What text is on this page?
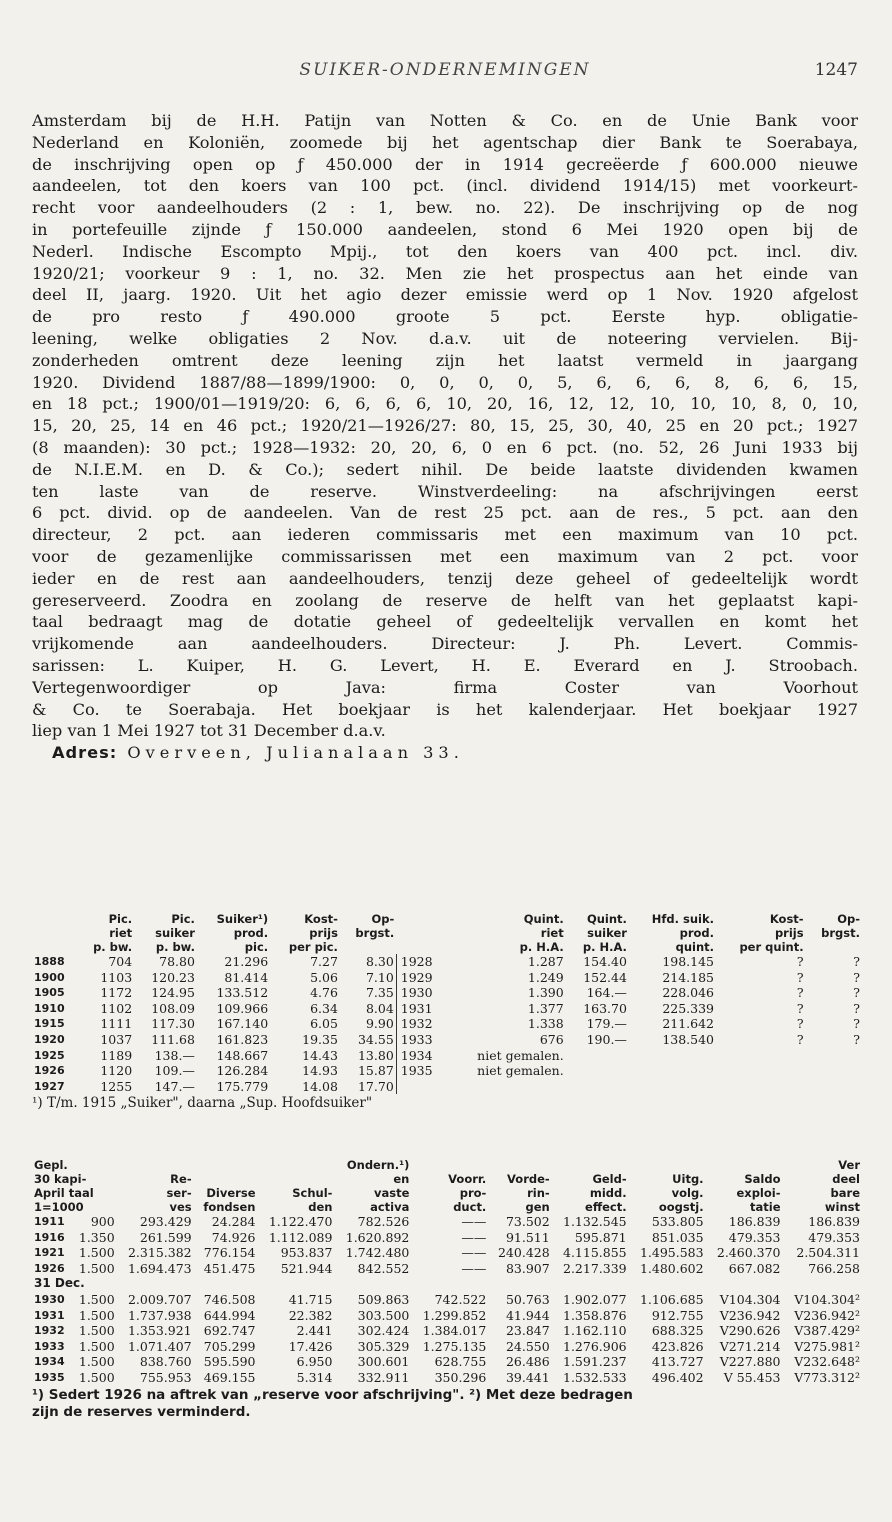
SUIKER-ONDERNEMINGEN	1247
Amsterdam bij de H.H. Patijn van Notten & Co. en de Unie Bank voor
Nederland en Koloniën, zoomede bij het agentschap dier Bank te Soerabaya,
de inschrijving open op ƒ 450.000 der in 1914 gecreëerde ƒ 600.000 nieuwe
aandeelen, tot den koers van 100 pct. (incl. dividend 1914/15) met voorkeurt-
recht voor aandeelhouders (2 : 1, bew. no. 22). De inschrijving op de nog
in portefeuille zijnde ƒ 150.000 aandeelen, stond 6 Mei 1920 open bij de
Nederl. Indische Escompto Mpij., tot den koers van 400 pct. incl. div.
1920/21; voorkeur 9 : 1, no. 32. Men zie het prospectus aan het einde van
deel II, jaarg. 1920. Uit het agio dezer emissie werd op 1 Nov. 1920 afgelost
de pro resto ƒ 490.000 groote 5 pct. Eerste hyp. obligatie-
leening, welke obligaties 2 Nov. d.a.v. uit de noteering vervielen. Bij-
zonderheden omtrent deze leening zijn het laatst vermeld in jaargang
1920. Dividend 1887/88—1899/1900: 0, 0, 0, 0, 5, 6, 6, 6, 8, 6, 6, 15,
en 18 pct.; 1900/01—1919/20: 6, 6, 6, 6, 10, 20, 16, 12, 12, 10, 10, 10, 8, 0, 10,
15, 20, 25, 14 en 46 pct.; 1920/21—1926/27: 80, 15, 25, 30, 40, 25 en 20 pct.; 1927
(8 maanden): 30 pct.; 1928—1932: 20, 20, 6, 0 en 6 pct. (no. 52, 26 Juni 1933 bij
de N.I.E.M. en D. & Co.); sedert nihil. De beide laatste dividenden kwamen
ten laste van de reserve. Winstverdeeling: na afschrijvingen eerst
6 pct. divid. op de aandeelen. Van de rest 25 pct. aan de res., 5 pct. aan den
directeur, 2 pct. aan iederen commissaris met een maximum van 10 pct.
voor de gezamenlijke commissarissen met een maximum van 2 pct. voor
ieder en de rest aan aandeelhouders, tenzij deze geheel of gedeeltelijk wordt
gereserveerd. Zoodra en zoolang de reserve de helft van het geplaatst kapi-
taal bedraagt mag de dotatie geheel of gedeeltelijk vervallen en komt het
vrijkomende aan aandeelhouders. Directeur: J. Ph. Levert. Commis-
sarissen: L. Kuiper, H. G. Levert, H. E. Everard en J. Stroobach.
Vertegenwoordiger op Java: firma Coster van Voorhout
& Co. te Soerabaja. Het boekjaar is het kalenderjaar. Het boekjaar 1927
liep van 1 Mei 1927 tot 31 December d.a.v.
Adres: Overveen, Julianalaan 33.
	Pic.	Pic.	Suiker¹)	Kost-	Op-		Quint.	Quint.	Hfd. suik.	Kost-	Op-
	riet	suiker	prod.	prijs	brgst.		riet	suiker	prod.	prijs	brgst.
	p. bw.	p. bw.	pic.	per pic.			p. H.A.	p. H.A.	quint.	per quint.	
1888	704	78.80	21.296	7.27	8.30	1928	1.287	154.40	198.145	?	?
1900	1103	120.23	81.414	5.06	7.10	1929	1.249	152.44	214.185	?	?
1905	1172	124.95	133.512	4.76	7.35	1930	1.390	164.—	228.046	?	?
1910	1102	108.09	109.966	6.34	8.04	1931	1.377	163.70	225.339	?	?
1915	1111	117.30	167.140	6.05	9.90	1932	1.338	179.—	211.642	?	?
1920	1037	111.68	161.823	19.35	34.55	1933	676	190.—	138.540	?	?
1925	1189	138.—	148.667	14.43	13.80	1934	niet gemalen.				
1926	1120	109.—	126.284	14.93	15.87	1935	niet gemalen.				
1927	1255	147.—	175.779	14.08	17.70						
¹) T/m. 1915 „Suiker", daarna „Sup. Hoofdsuiker"
Gepl.					Ondern.¹)						Ver
30 kapi-		Re-			en	Voorr.	Vorde-	Geld-	Uitg.	Saldo	deel
April taal		ser-	Diverse	Schul-	vaste	pro-	rin-	midd.	volg.	exploi-	bare
1=1000		ves	fondsen	den	activa	duct.	gen	effect.	oogstj.	tatie	winst
1911	900	293.429	24.284	1.122.470	782.526	——	73.502	1.132.545	533.805	186.839	186.839
1916	1.350	261.599	74.926	1.112.089	1.620.892	——	91.511	595.871	851.035	479.353	479.353
1921	1.500	2.315.382	776.154	953.837	1.742.480	——	240.428	4.115.855	1.495.583	2.460.370	2.504.311
1926	1.500	1.694.473	451.475	521.944	842.552	——	83.907	2.217.339	1.480.602	667.082	766.258
31 Dec.											
1930	1.500	2.009.707	746.508	41.715	509.863	742.522	50.763	1.902.077	1.106.685	V104.304	V104.304²
1931	1.500	1.737.938	644.994	22.382	303.500	1.299.852	41.944	1.358.876	912.755	V236.942	V236.942²
1932	1.500	1.353.921	692.747	2.441	302.424	1.384.017	23.847	1.162.110	688.325	V290.626	V387.429²
1933	1.500	1.071.407	705.299	17.426	305.329	1.275.135	24.550	1.276.906	423.826	V271.214	V275.981²
1934	1.500	838.760	595.590	6.950	300.601	628.755	26.486	1.591.237	413.727	V227.880	V232.648²
1935	1.500	755.953	469.155	5.314	332.911	350.296	39.441	1.532.533	496.402	V 55.453	V773.312²
¹) Sedert 1926 na aftrek van „reserve voor afschrijving". ²) Met deze bedragen
zijn de reserves verminderd.
